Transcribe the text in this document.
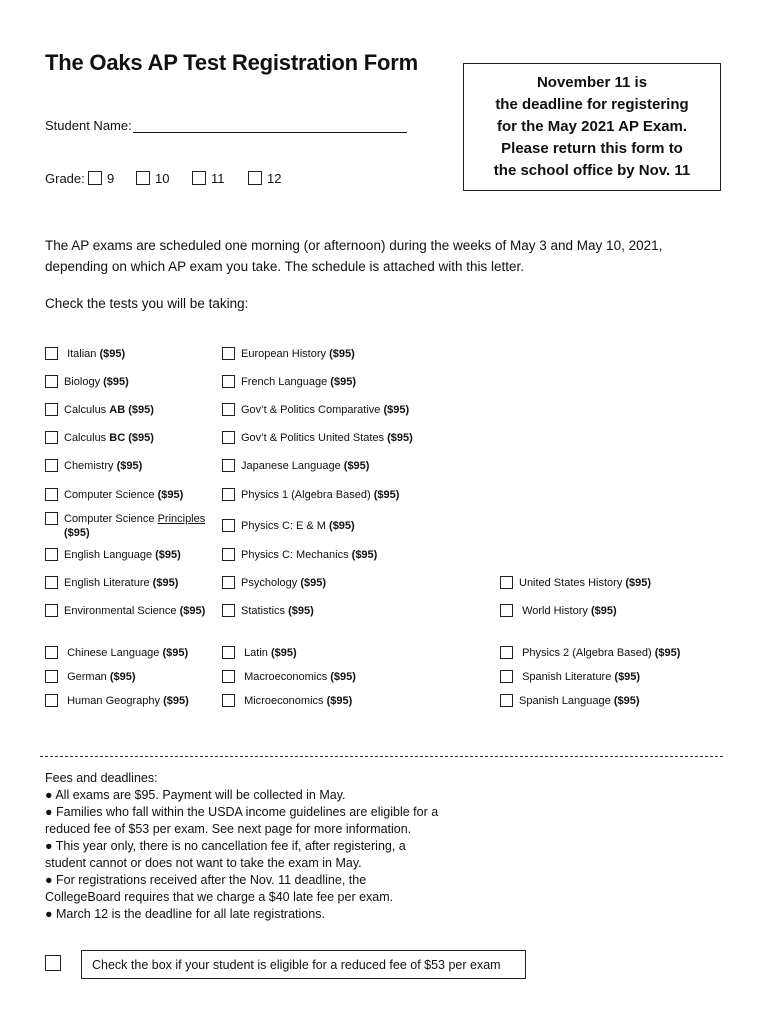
The Oaks AP Test Registration Form
November 11 is
the deadline for registering
for the May 2021 AP Exam.
Please return this form to
the school office by Nov. 11
Student Name:
Grade: 9	10	11	12
The AP exams are scheduled one morning (or afternoon) during the weeks of May 3 and May 10, 2021,
depending on which AP exam you take. The schedule is attached with this letter.
Check the tests you will be taking:
Italian ($95)
Biology ($95)
Calculus AB ($95)
Calculus BC ($95)
Chemistry ($95)
Computer Science ($95)
Computer Science Principles
($95)
English Language ($95)
English Literature ($95)
Environmental Science ($95)
Chinese Language ($95)
German ($95)
Human Geography ($95)
European History ($95)
French Language ($95)
Gov’t & Politics Comparative ($95)
Gov’t & Politics United States ($95)
Japanese Language ($95)
Physics 1 (Algebra Based) ($95)
Physics C: E & M ($95)
Physics C: Mechanics ($95)
Psychology ($95)
Statistics ($95)
Latin ($95)
Macroeconomics ($95)
Microeconomics ($95)
United States History ($95)
World History ($95)
Physics 2 (Algebra Based) ($95)
Spanish Literature ($95)
Spanish Language ($95)
Fees and deadlines:
● All exams are $95. Payment will be collected in May.
● Families who fall within the USDA income guidelines are eligible for a
reduced fee of $53 per exam. See next page for more information.
● This year only, there is no cancellation fee if, after registering, a
student cannot or does not want to take the exam in May.
● For registrations received after the Nov. 11 deadline, the
CollegeBoard requires that we charge a $40 late fee per exam.
● March 12 is the deadline for all late registrations.
Check the box if your student is eligible for a reduced fee of $53 per exam
